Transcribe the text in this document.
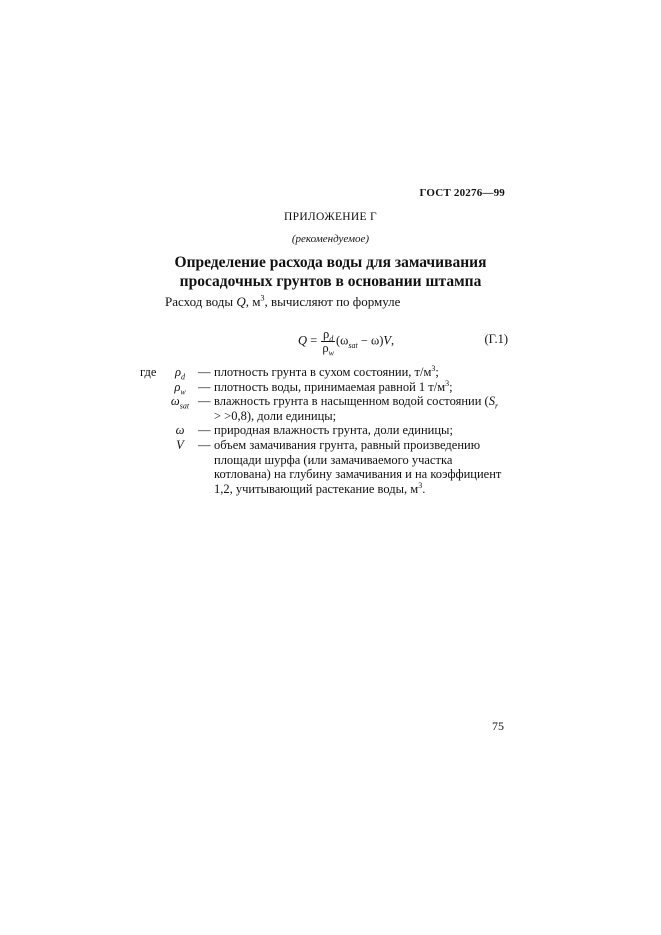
ГОСТ 20276—99
ПРИЛОЖЕНИЕ Г
(рекомендуемое)
Определение расхода воды для замачивания
просадочных грунтов в основании штампа
Расход воды Q, $м^3$, вычисляют по формуле
$Q = \frac{\rho_d}{\rho_w} (\omega_{sat} - \omega)V$,	(Г.1)
где	$\rho_d$	— плотность грунта в сухом состоянии, $т/м^3$;
$\rho_w$ — плотность воды, принимаемая равной 1 $т/м^3$;
$\omega_{sat}$ — влажность грунта в насыщенном водой состоянии $(S_r > >0,8)$, доли единицы;
ω	— природная влажность грунта, доли единицы;
V	— объем замачивания грунта, равный произведению площади шурфа (или замачиваемого участка котлована) на глубину замачивания и на коэффициент 1,2, учитывающий растекание воды, $м^3$.
75
